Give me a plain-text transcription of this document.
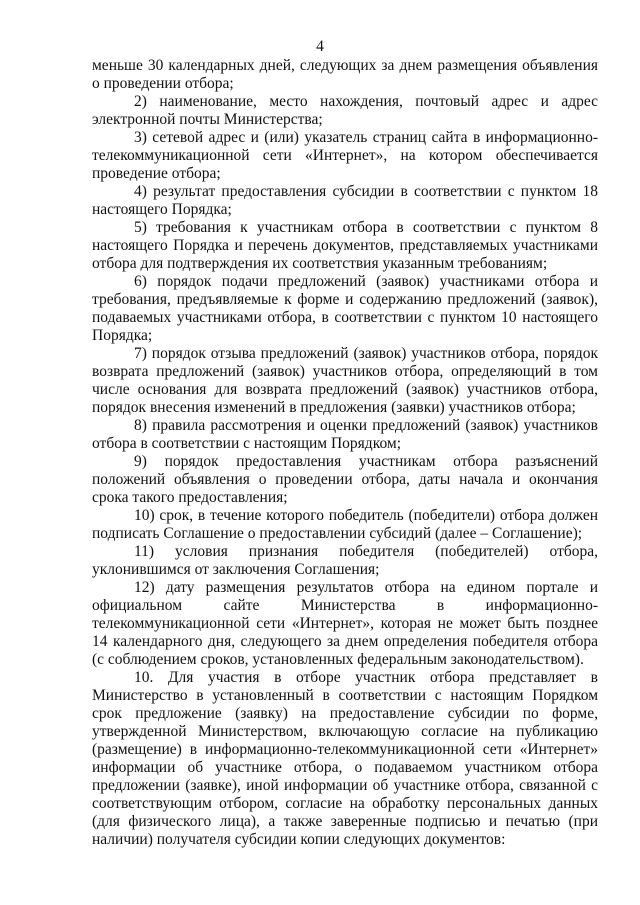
4

меньше 30 календарных дней, следующих за днем размещения объявления о проведении отбора;

2) наименование, место нахождения, почтовый адрес и адрес электронной почты Министерства;

3) сетевой адрес и (или) указатель страниц сайта в информационно-телекоммуникационной сети «Интернет», на котором обеспечивается проведение отбора;

4) результат предоставления субсидии в соответствии с пунктом 18 настоящего Порядка;

5) требования к участникам отбора в соответствии с пунктом 8 настоящего Порядка и перечень документов, представляемых участниками отбора для подтверждения их соответствия указанным требованиям;

6) порядок подачи предложений (заявок) участниками отбора и требования, предъявляемые к форме и содержанию предложений (заявок), подаваемых участниками отбора, в соответствии с пунктом 10 настоящего Порядка;

7) порядок отзыва предложений (заявок) участников отбора, порядок возврата предложений (заявок) участников отбора, определяющий в том числе основания для возврата предложений (заявок) участников отбора, порядок внесения изменений в предложения (заявки) участников отбора;

8) правила рассмотрения и оценки предложений (заявок) участников отбора в соответствии с настоящим Порядком;

9) порядок предоставления участникам отбора разъяснений положений объявления о проведении отбора, даты начала и окончания срока такого предоставления;

10) срок, в течение которого победитель (победители) отбора должен подписать Соглашение о предоставлении субсидий (далее – Соглашение);

11) условия признания победителя (победителей) отбора, уклонившимся от заключения Соглашения;

12) дату размещения результатов отбора на едином портале и официальном сайте Министерства в информационно-телекоммуникационной сети «Интернет», которая не может быть позднее 14 календарного дня, следующего за днем определения победителя отбора (с соблюдением сроков, установленных федеральным законодательством).

10. Для участия в отборе участник отбора представляет в Министерство в установленный в соответствии с настоящим Порядком срок предложение (заявку) на предоставление субсидии по форме, утвержденной Министерством, включающую согласие на публикацию (размещение) в информационно-телекоммуникационной сети «Интернет» информации об участнике отбора, о подаваемом участником отбора предложении (заявке), иной информации об участнике отбора, связанной с соответствующим отбором, согласие на обработку персональных данных (для физического лица), а также заверенные подписью и печатью (при наличии) получателя субсидии копии следующих документов:
